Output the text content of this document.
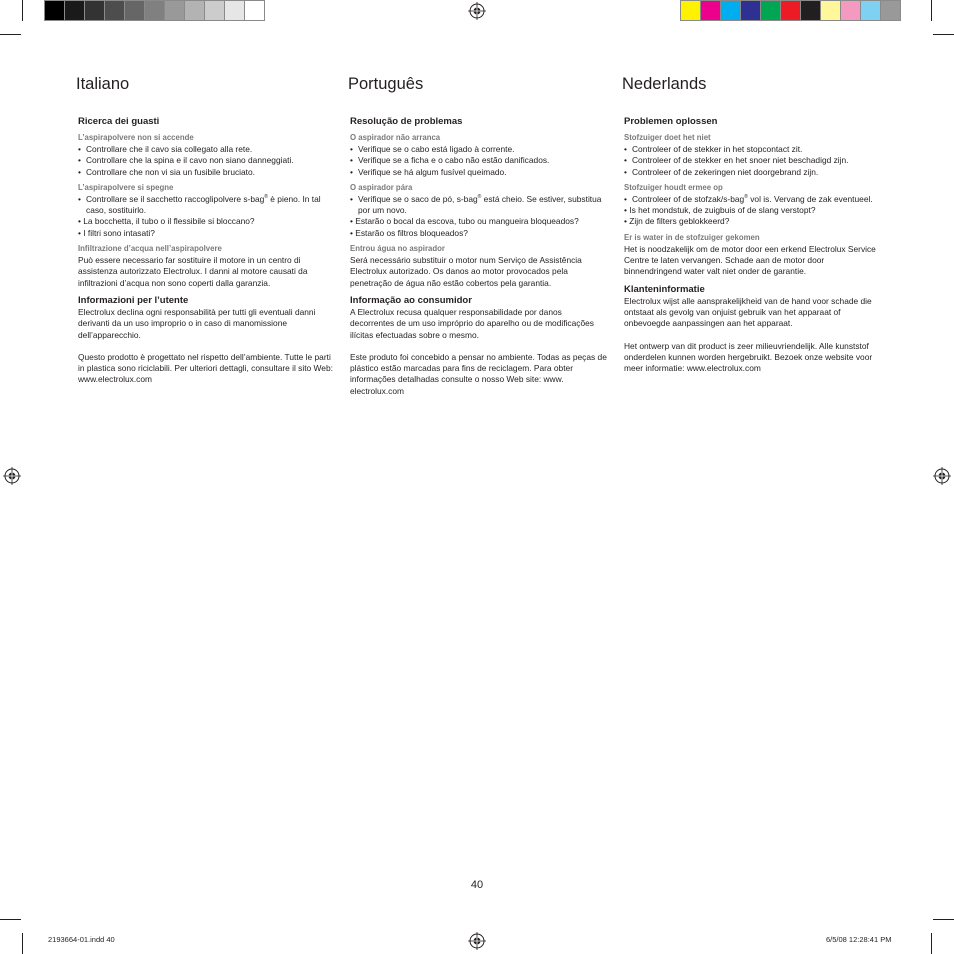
Italiano
Ricerca dei guasti
L’aspirapolvere non si accende
• Controllare che il cavo sia collegato alla rete.
• Controllare che la spina e il cavo non siano danneggiati.
• Controllare che non vi sia un fusibile bruciato.
L’aspirapolvere si spegne
• Controllare se il sacchetto raccoglipolvere s-bag® è pieno. In tal caso, sostituirlo.
• La bocchetta, il tubo o il flessibile si bloccano?
• I filtri sono intasati?
Infiltrazione d’acqua nell’aspirapolvere

Può essere necessario far sostituire il motore in un centro di assistenza autorizzato Electrolux. I danni al motore causati da infiltrazioni d’acqua non sono coperti dalla garanzia.

Informazioni per l’utente

Electrolux declina ogni responsabilità per tutti gli eventuali danni derivanti da un uso improprio o in caso di manomissione dell’apparecchio.

Questo prodotto è progettato nel rispetto dell’ambiente. Tutte le parti in plastica sono riciclabili. Per ulteriori dettagli, consultare il sito Web: www.electrolux.com

Português
Resolução de problemas
O aspirador não arranca
• Verifique se o cabo está ligado à corrente.
• Verifique se a ficha e o cabo não estão danificados.
• Verifique se há algum fusível queimado.
O aspirador pára
• Verifique se o saco de pó, s-bag® está cheio. Se estiver, substitua por um novo.
• Estarão o bocal da escova, tubo ou mangueira bloqueados?
• Estarão os filtros bloqueados?
Entrou água no aspirador

Será necessário substituir o motor num Serviço de Assistência Electrolux autorizado. Os danos ao motor provocados pela penetração de água não estão cobertos pela garantia.

Informação ao consumidor

A Electrolux recusa qualquer responsabilidade por danos decorrentes de um uso impróprio do aparelho ou de modificações ilícitas efectuadas sobre o mesmo.

Este produto foi concebido a pensar no ambiente. Todas as peças de plástico estão marcadas para fins de reciclagem. Para obter informações detalhadas consulte o nosso Web site: www. electrolux.com

Nederlands
Problemen oplossen
Stofzuiger doet het niet
• Controleer of de stekker in het stopcontact zit.
• Controleer of de stekker en het snoer niet beschadigd zijn.
• Controleer of de zekeringen niet doorgebrand zijn.
Stofzuiger houdt ermee op
• Controleer of de stofzak/s-bag® vol is. Vervang de zak eventueel.
• Is het mondstuk, de zuigbuis of de slang verstopt?
• Zijn de filters geblokkeerd?
Er is water in de stofzuiger gekomen

Het is noodzakelijk om de motor door een erkend Electrolux Service Centre te laten vervangen. Schade aan de motor door binnendringend water valt niet onder de garantie.

Klanteninformatie

Electrolux wijst alle aansprakelijkheid van de hand voor schade die ontstaat als gevolg van onjuist gebruik van het apparaat of onbevoegde aanpassingen aan het apparaat.

Het ontwerp van dit product is zeer milieuvriendelijk. Alle kunststof onderdelen kunnen worden hergebruikt. Bezoek onze website voor meer informatie: www.electrolux.com

40
2193664-01.indd 40	6/5/08 12:28:41 PM
